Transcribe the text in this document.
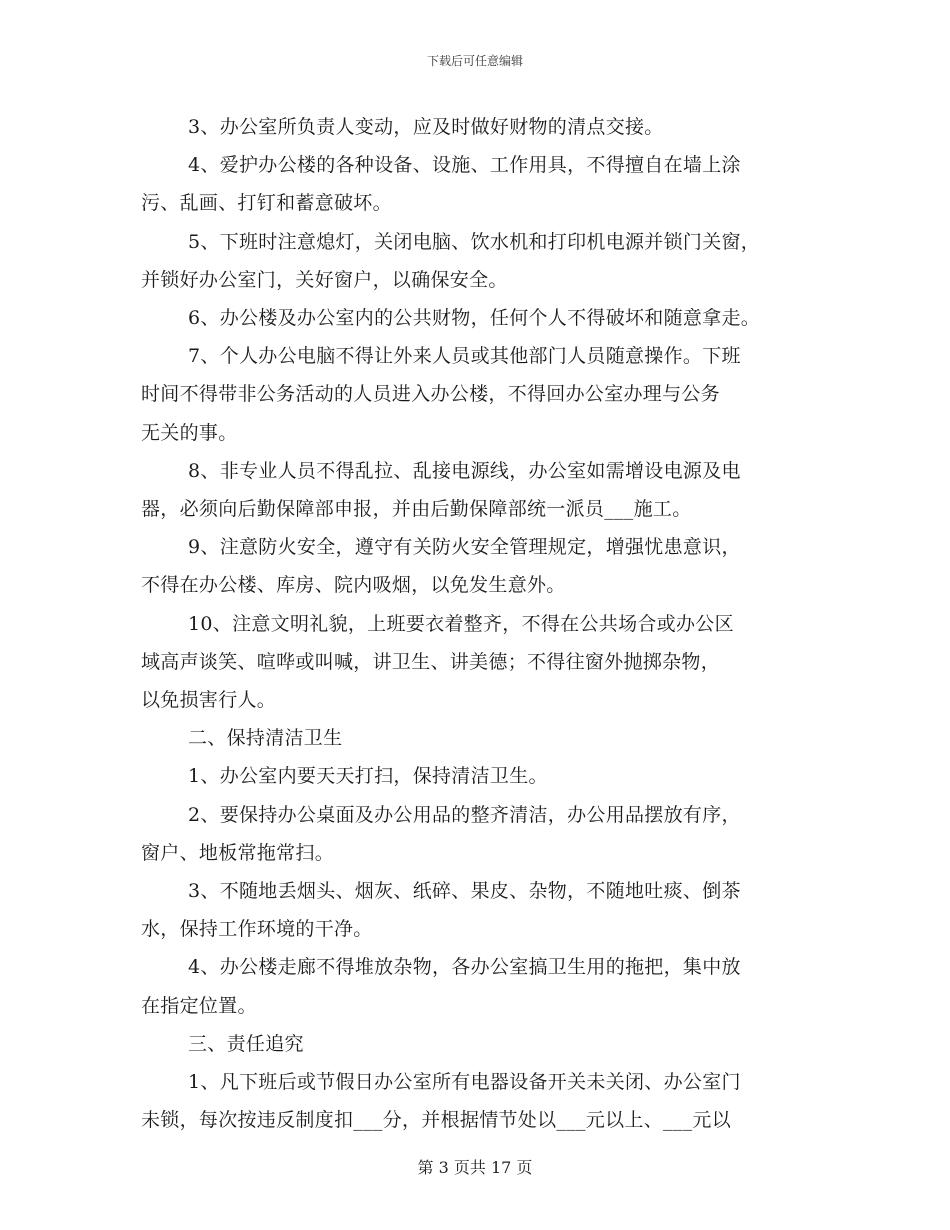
下载后可任意编辑
3、办公室所负责人变动，应及时做好财物的清点交接。
4、爱护办公楼的各种设备、设施、工作用具，不得擅自在墙上涂
污、乱画、打钉和蓄意破坏。
5、下班时注意熄灯，关闭电脑、饮水机和打印机电源并锁门关窗，
并锁好办公室门，关好窗户，以确保安全。
6、办公楼及办公室内的公共财物，任何个人不得破坏和随意拿走。
7、个人办公电脑不得让外来人员或其他部门人员随意操作。下班
时间不得带非公务活动的人员进入办公楼，不得回办公室办理与公务
无关的事。
8、非专业人员不得乱拉、乱接电源线，办公室如需增设电源及电
器，必须向后勤保障部申报，并由后勤保障部统一派员___施工。
9、注意防火安全，遵守有关防火安全管理规定，增强忧患意识，
不得在办公楼、库房、院内吸烟，以免发生意外。
10、注意文明礼貌，上班要衣着整齐，不得在公共场合或办公区
域高声谈笑、喧哗或叫喊，讲卫生、讲美德；不得往窗外抛掷杂物，
以免损害行人。
二、保持清洁卫生
1、办公室内要天天打扫，保持清洁卫生。
2、要保持办公桌面及办公用品的整齐清洁，办公用品摆放有序，
窗户、地板常拖常扫。
3、不随地丢烟头、烟灰、纸碎、果皮、杂物，不随地吐痰、倒茶
水，保持工作环境的干净。
4、办公楼走廊不得堆放杂物，各办公室搞卫生用的拖把，集中放
在指定位置。
三、责任追究
1、凡下班后或节假日办公室所有电器设备开关未关闭、办公室门
未锁，每次按违反制度扣___分，并根据情节处以___元以上、___元以
第 3 页共 17 页
